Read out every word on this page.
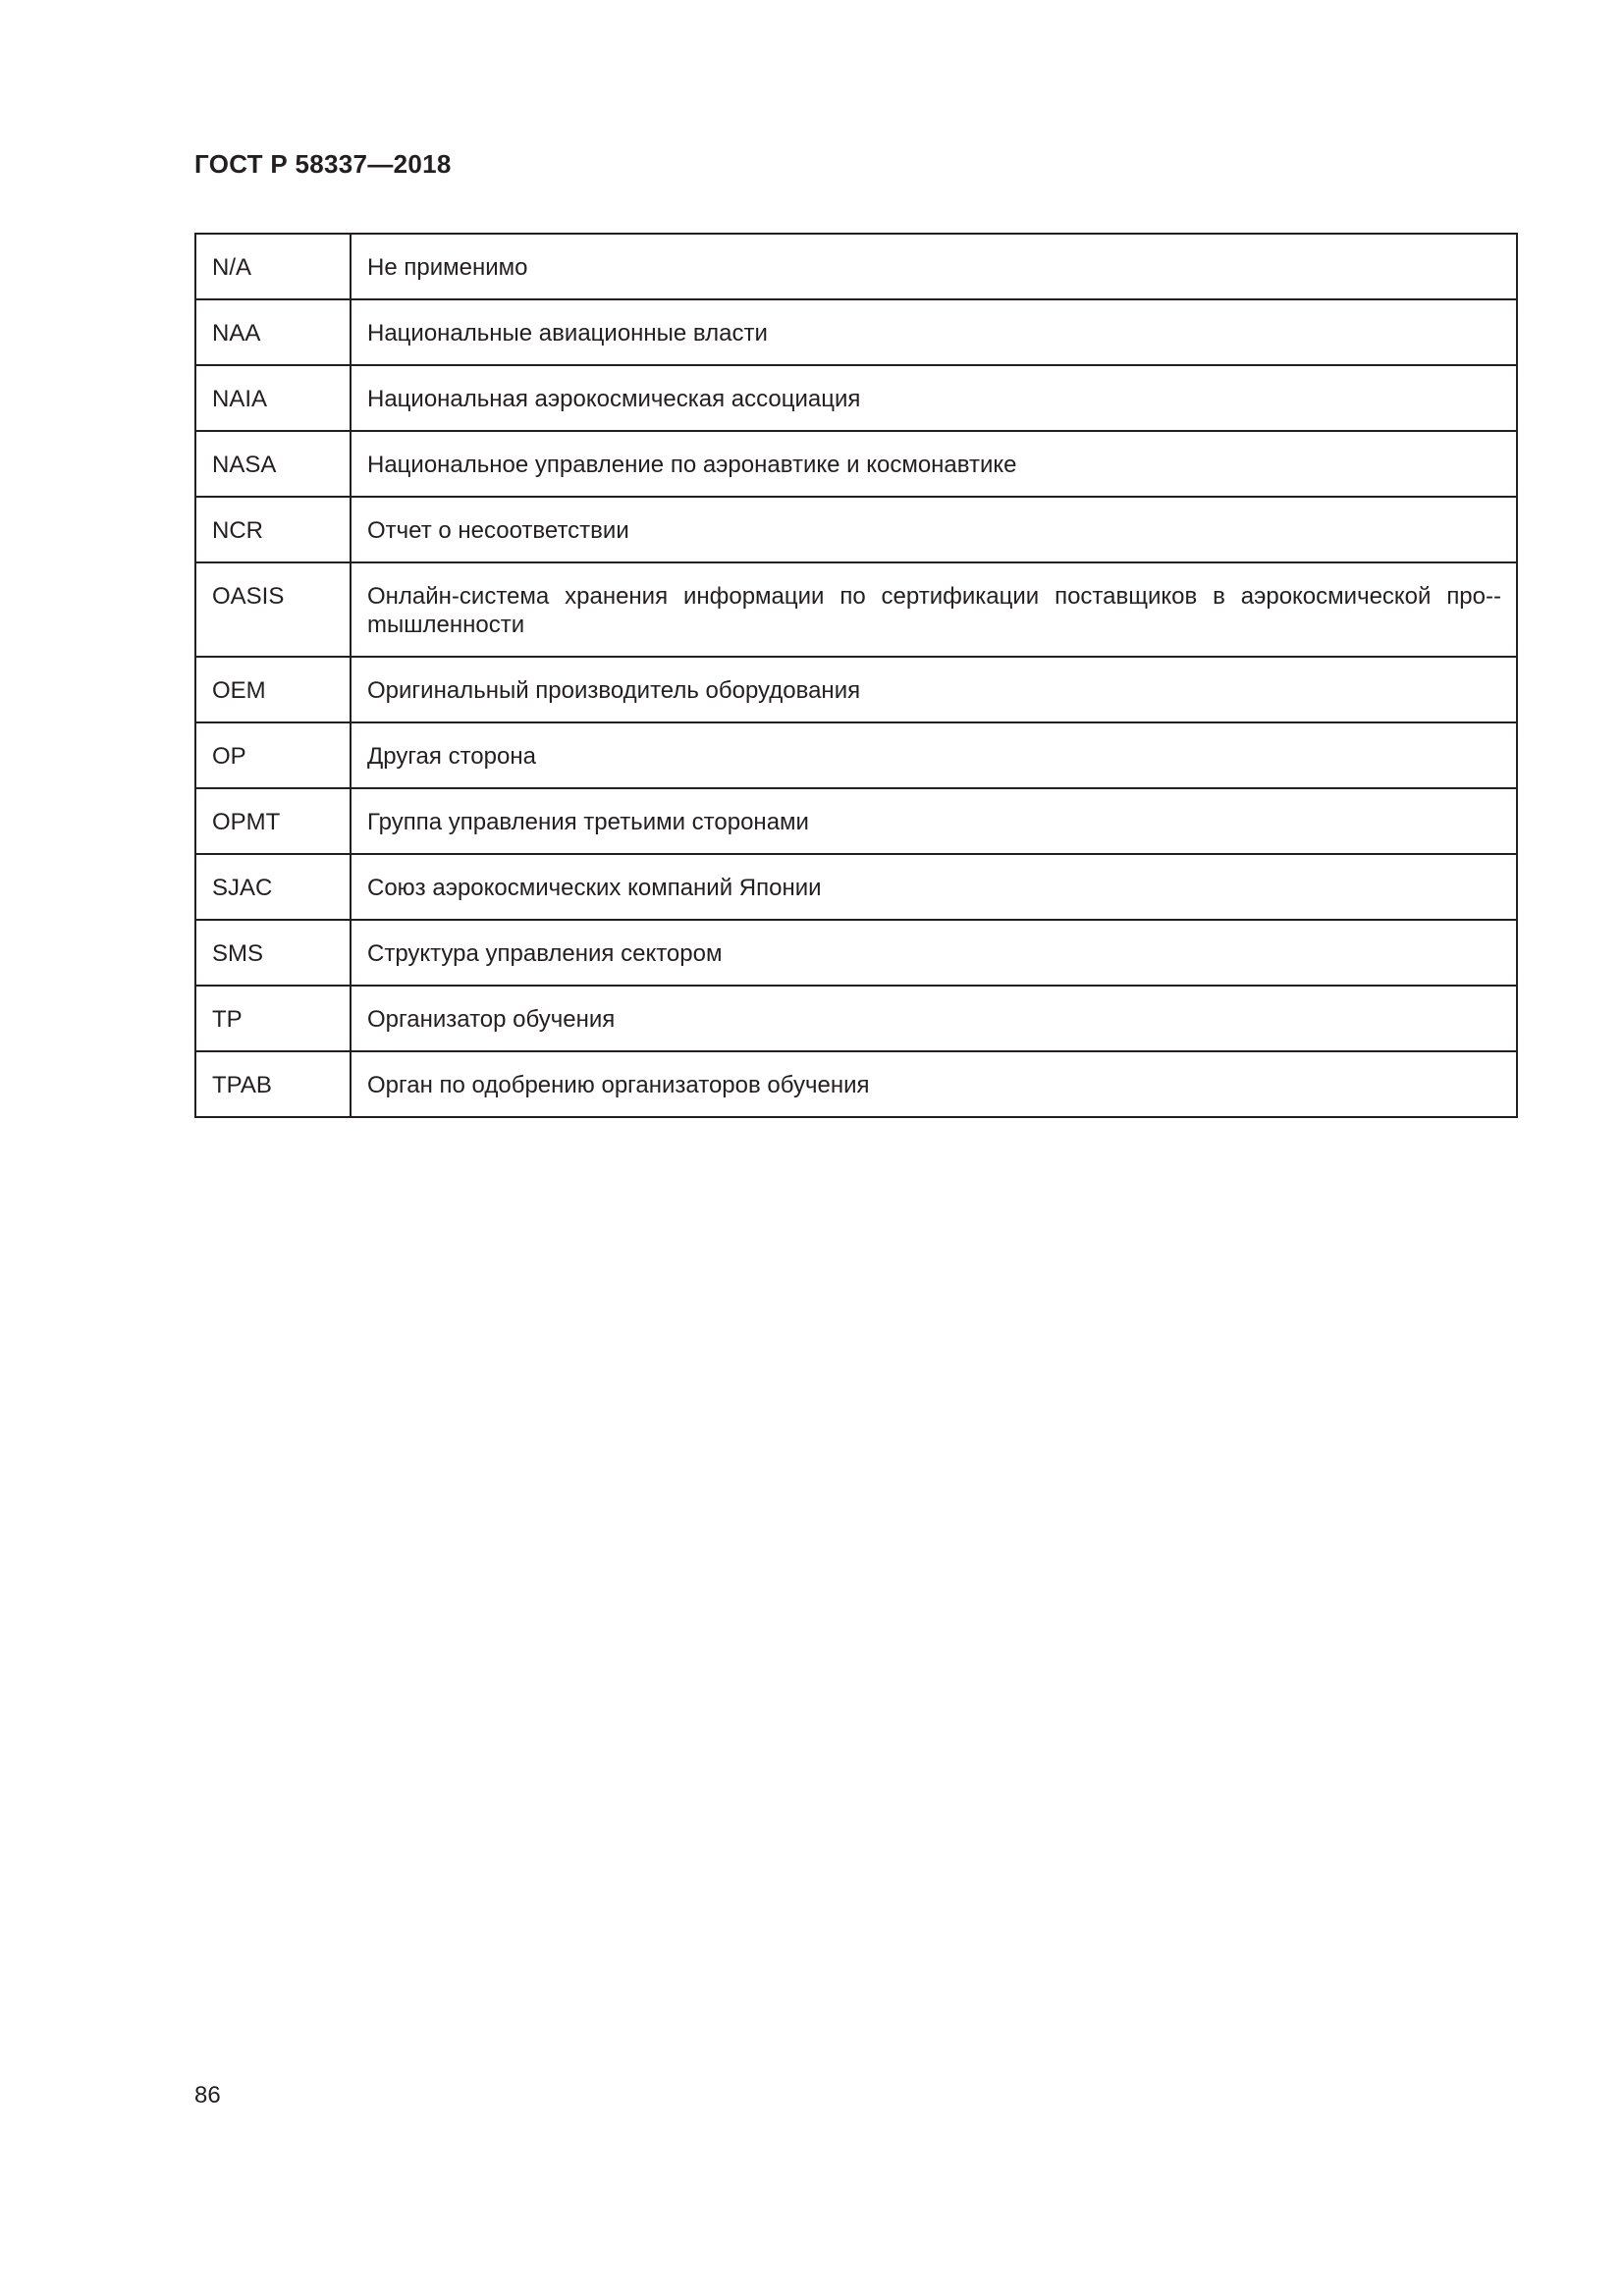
ГОСТ Р 58337—2018
N/A	Не применимо
NAA	Национальные авиационные власти
NAIA	Национальная аэрокосмическая ассоциация
NASA	Национальное управление по аэронавтике и космонавтике
NCR	Отчет о несоответствии
OASIS	Онлайн-система хранения информации по сертификации поставщиков в аэрокосмической про-mышленности
OEM	Оригинальный производитель оборудования
OP	Другая сторона
OPMT	Группа управления третьими сторонами
SJAC	Союз аэрокосмических компаний Японии
SMS	Структура управления сектором
TP	Организатор обучения
TPAB	Орган по одобрению организаторов обучения
86
